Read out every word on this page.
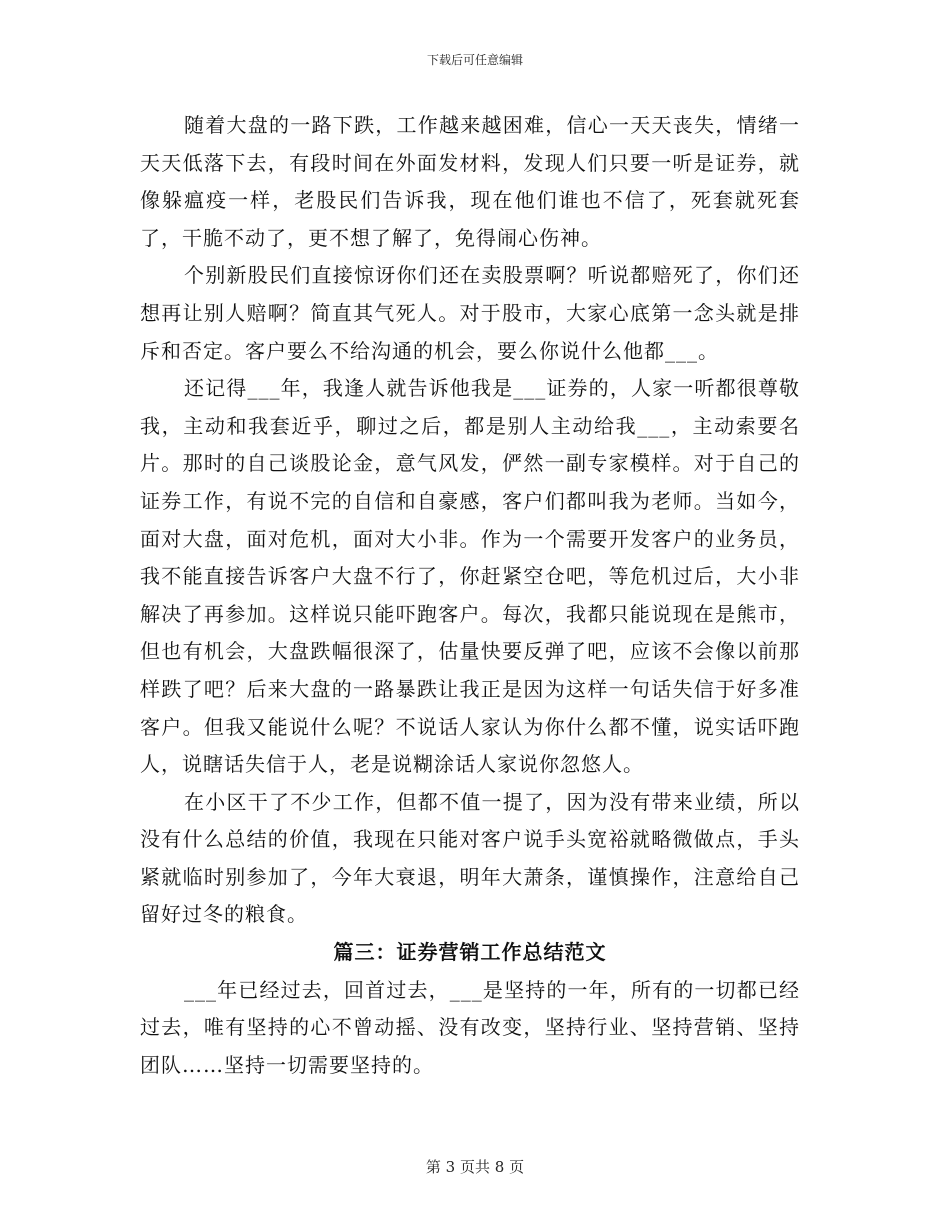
下载后可任意编辑

随着大盘的一路下跌，工作越来越困难，信心一天天丧失，情绪一天天低落下去，有段时间在外面发材料，发现人们只要一听是证券，就像躲瘟疫一样，老股民们告诉我，现在他们谁也不信了，死套就死套了，干脆不动了，更不想了解了，免得闹心伤神。

个别新股民们直接惊讶你们还在卖股票啊？听说都赔死了，你们还想再让别人赔啊？简直其气死人。对于股市，大家心底第一念头就是排斥和否定。客户要么不给沟通的机会，要么你说什么他都___。

还记得___年，我逢人就告诉他我是___证券的，人家一听都很尊敬我，主动和我套近乎，聊过之后，都是别人主动给我___，主动索要名片。那时的自己谈股论金，意气风发，俨然一副专家模样。对于自己的证券工作，有说不完的自信和自豪感，客户们都叫我为老师。当如今，面对大盘，面对危机，面对大小非。作为一个需要开发客户的业务员，我不能直接告诉客户大盘不行了，你赶紧空仓吧，等危机过后，大小非解决了再参加。这样说只能吓跑客户。每次，我都只能说现在是熊市，但也有机会，大盘跌幅很深了，估量快要反弹了吧，应该不会像以前那样跌了吧？后来大盘的一路暴跌让我正是因为这样一句话失信于好多准客户。但我又能说什么呢？不说话人家认为你什么都不懂，说实话吓跑人，说瞎话失信于人，老是说糊涂话人家说你忽悠人。

在小区干了不少工作，但都不值一提了，因为没有带来业绩，所以没有什么总结的价值，我现在只能对客户说手头宽裕就略微做点，手头紧就临时别参加了，今年大衰退，明年大萧条，谨慎操作，注意给自己留好过冬的粮食。

篇三：证券营销工作总结范文

___年已经过去，回首过去，___是坚持的一年，所有的一切都已经过去，唯有坚持的心不曾动摇、没有改变，坚持行业、坚持营销、坚持团队……坚持一切需要坚持的。

第 3 页共 8 页
